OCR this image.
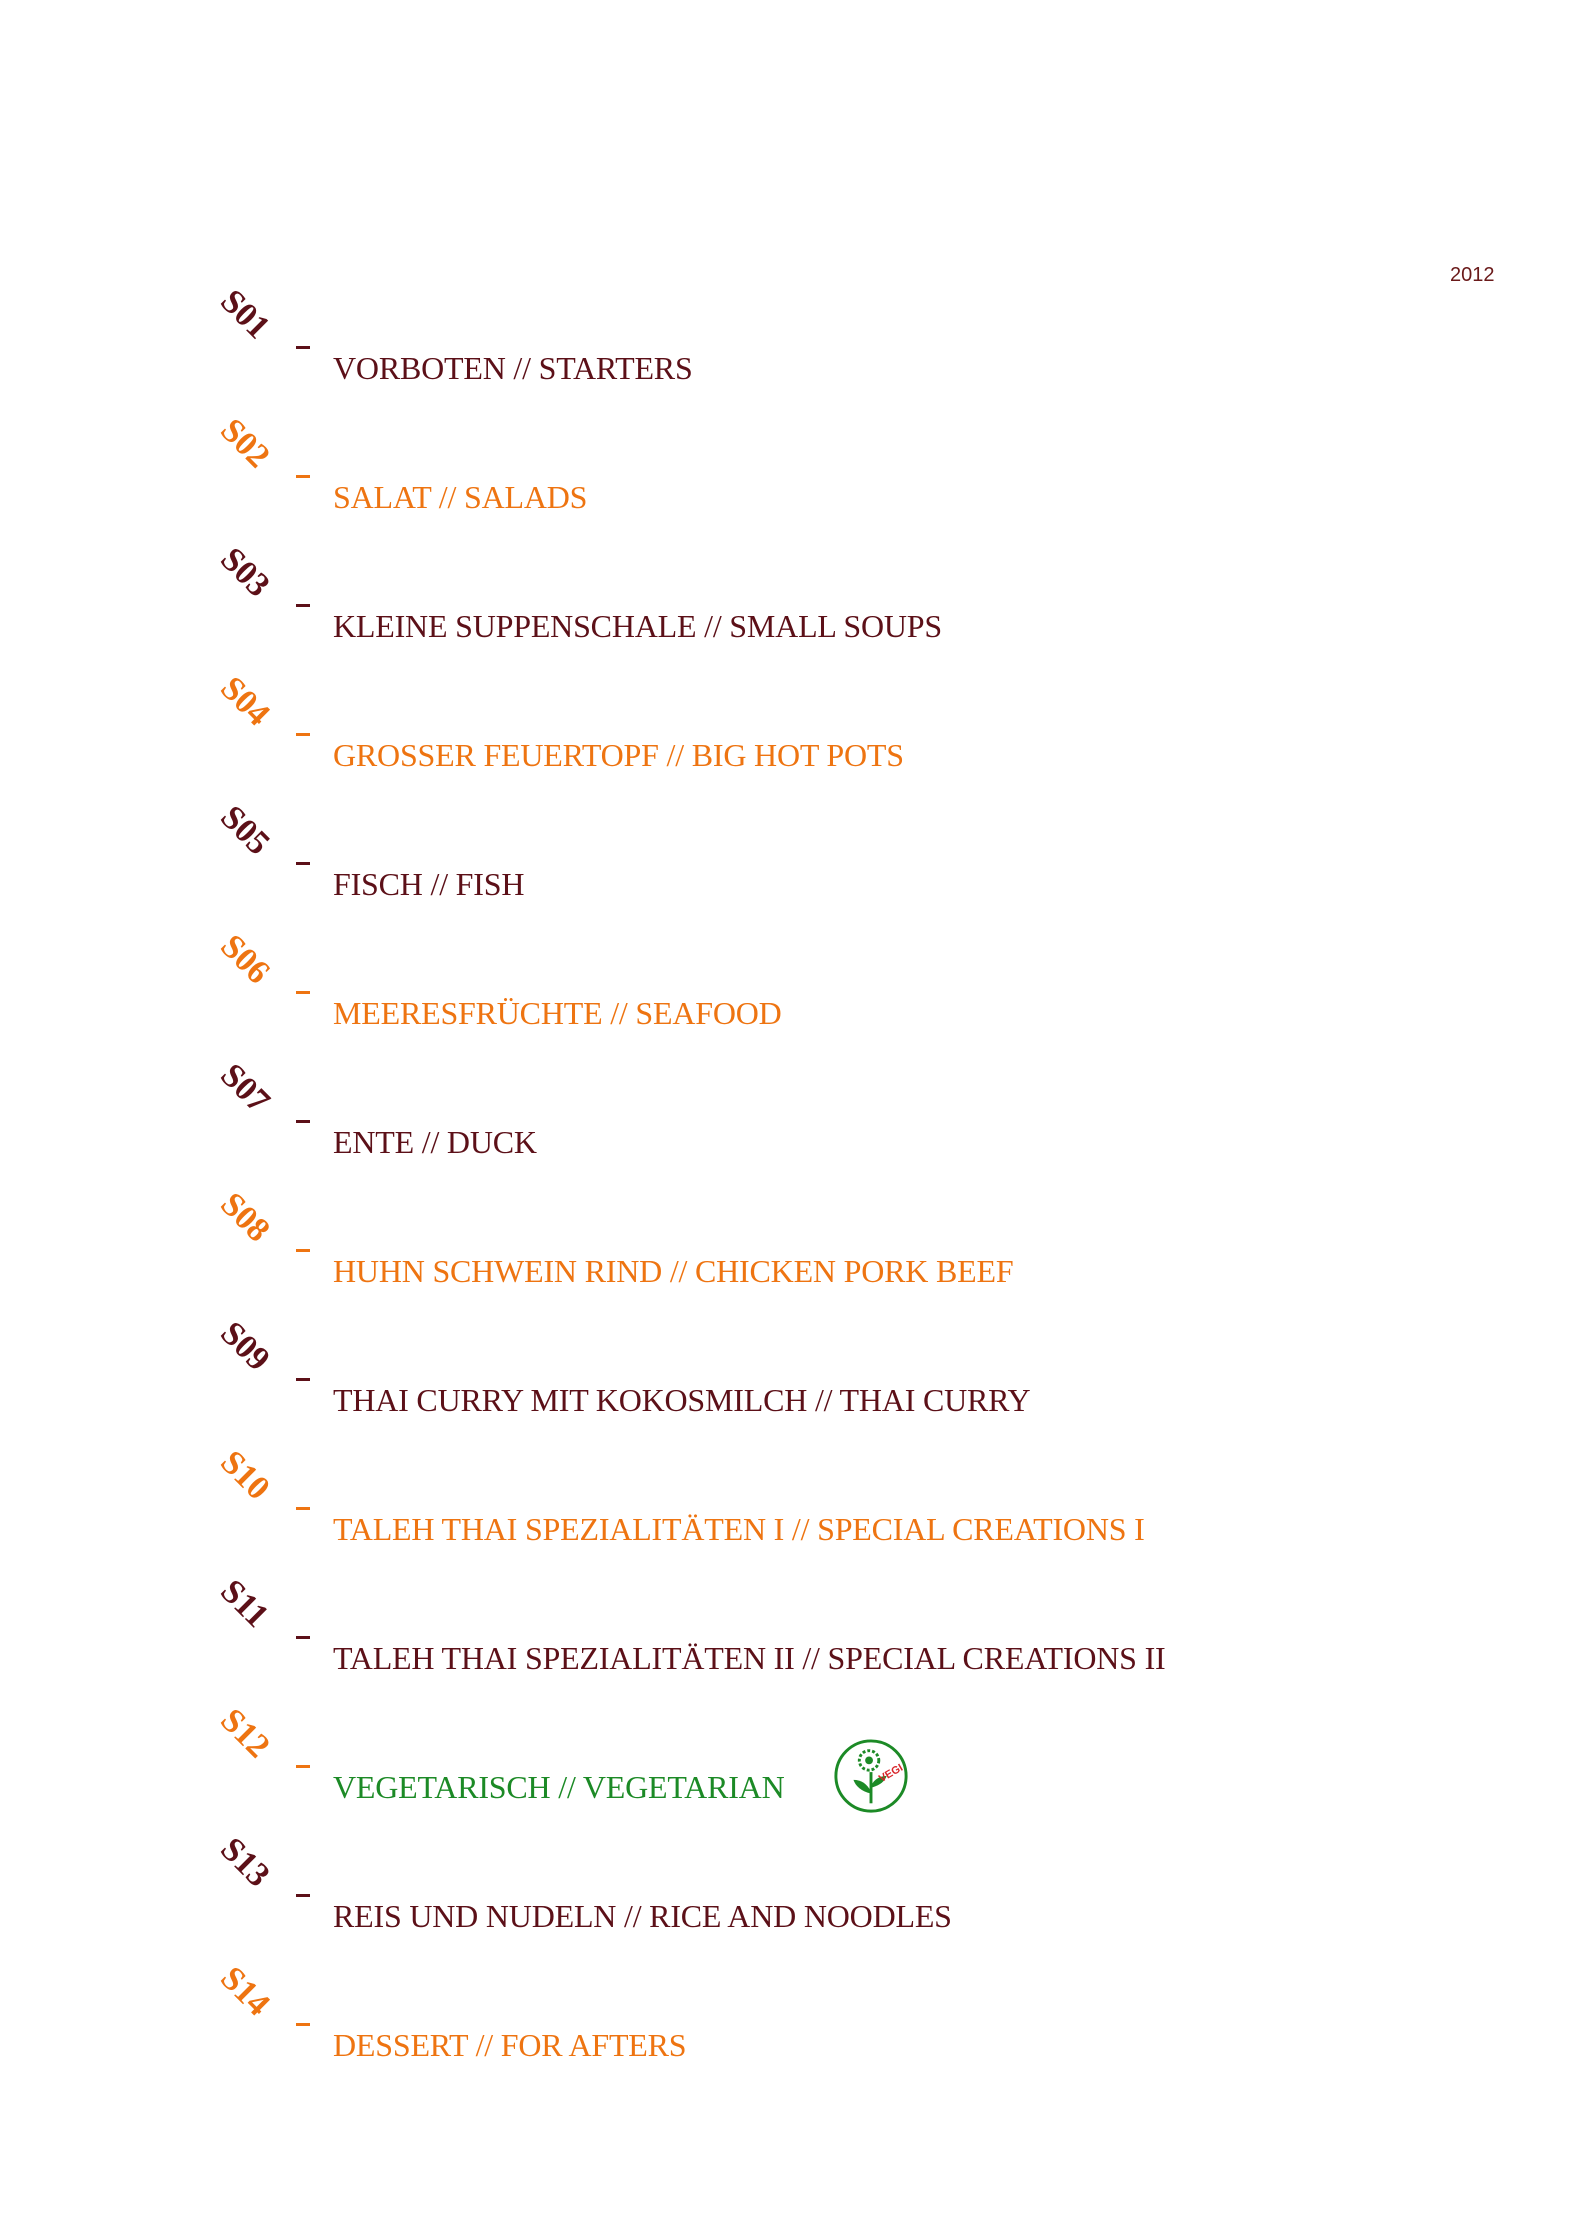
2012
S01
VORBOTEN // STARTERS
S02
SALAT // SALADS
S03
KLEINE SUPPENSCHALE // SMALL SOUPS
S04
GROSSER FEUERTOPF // BIG HOT POTS
S05
FISCH // FISH
S06
MEERESFRÜCHTE // SEAFOOD
S07
ENTE // DUCK
S08
HUHN SCHWEIN RIND // CHICKEN PORK BEEF
S09
THAI CURRY MIT KOKOSMILCH // THAI CURRY
S10
TALEH THAI SPEZIALITÄTEN I // SPECIAL CREATIONS I
S11
TALEH THAI SPEZIALITÄTEN II // SPECIAL CREATIONS II
S12
VEGETARISCH // VEGETARIAN	VEGI
S13
REIS UND NUDELN // RICE AND NOODLES
S14
DESSERT // FOR AFTERS
